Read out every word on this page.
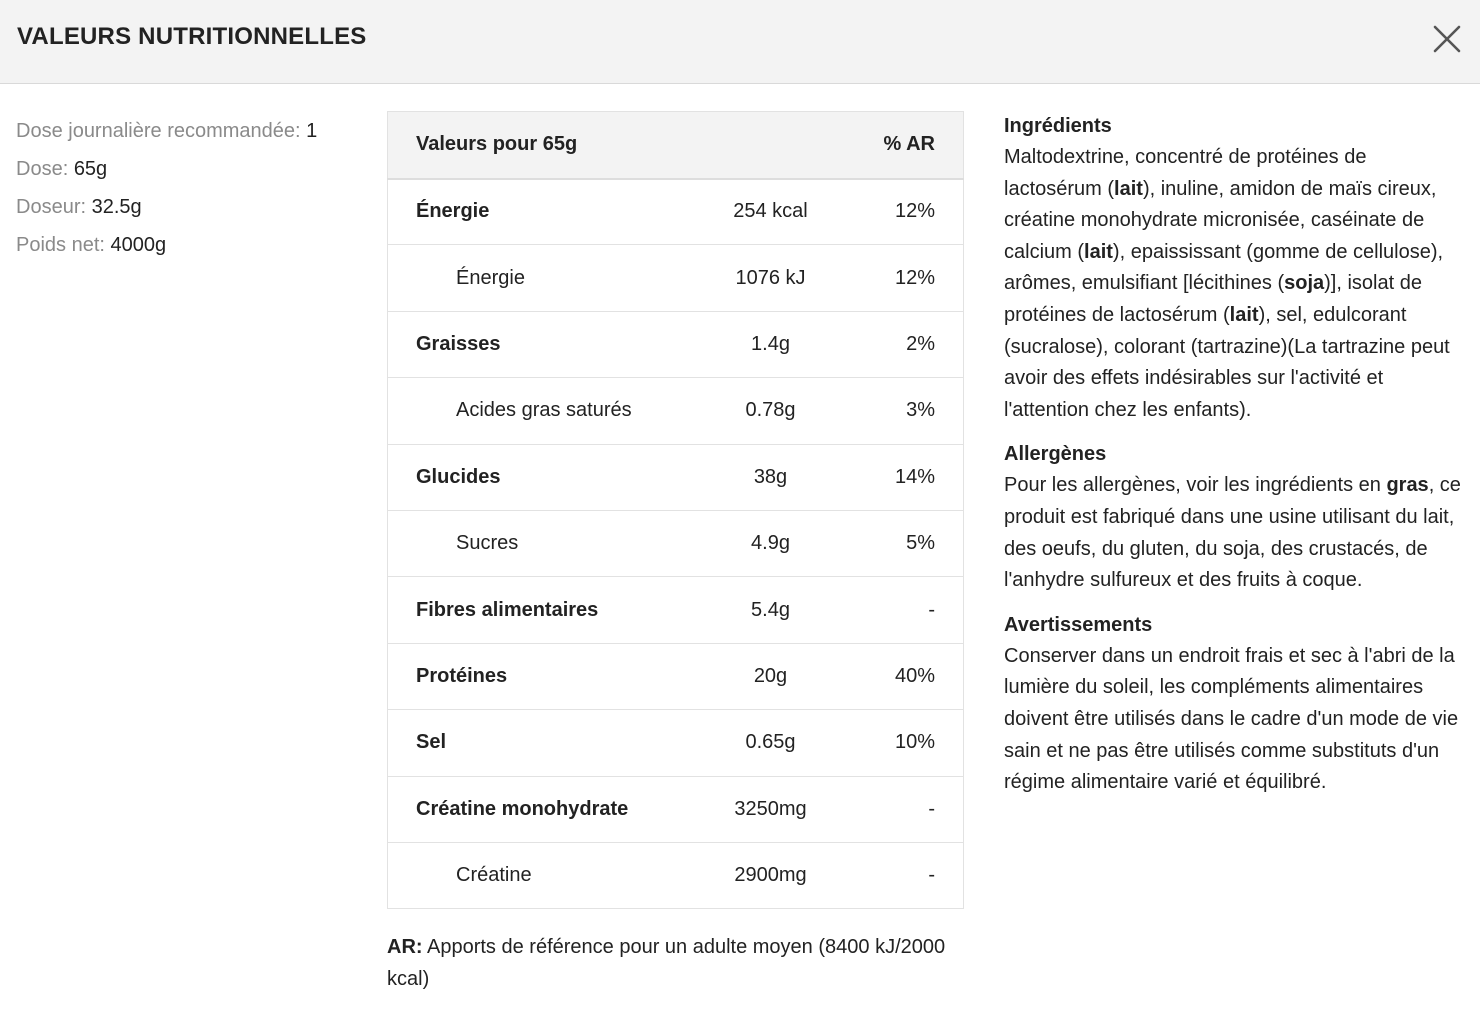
VALEURS NUTRITIONNELLES
Dose journalière recommandée: 1
Dose: 65g
Doseur: 32.5g
Poids net: 4000g
Valeurs pour 65g		% AR
Énergie	254 kcal	12%
Énergie	1076 kJ	12%
Graisses	1.4g	2%
Acides gras saturés	0.78g	3%
Glucides	38g	14%
Sucres	4.9g	5%
Fibres alimentaires	5.4g	-
Protéines	20g	40%
Sel	0.65g	10%
Créatine monohydrate	3250mg	-
Créatine	2900mg	-

AR: Apports de référence pour un adulte moyen (8400 kJ/2000 kcal)

Ingrédients

Maltodextrine, concentré de protéines de lactosérum (lait), inuline, amidon de maïs cireux, créatine monohydrate micronisée, caséinate de calcium (lait), epaississant (gomme de cellulose), arômes, emulsifiant [lécithines (soja)], isolat de protéines de lactosérum (lait), sel, edulcorant (sucralose), colorant (tartrazine)(La tartrazine peut avoir des effets indésirables sur l'activité et l'attention chez les enfants).

Allergènes

Pour les allergènes, voir les ingrédients en gras, ce produit est fabriqué dans une usine utilisant du lait, des oeufs, du gluten, du soja, des crustacés, de l'anhydre sulfureux et des fruits à coque.

Avertissements

Conserver dans un endroit frais et sec à l'abri de la lumière du soleil, les compléments alimentaires doivent être utilisés dans le cadre d'un mode de vie sain et ne pas être utilisés comme substituts d'un régime alimentaire varié et équilibré.
